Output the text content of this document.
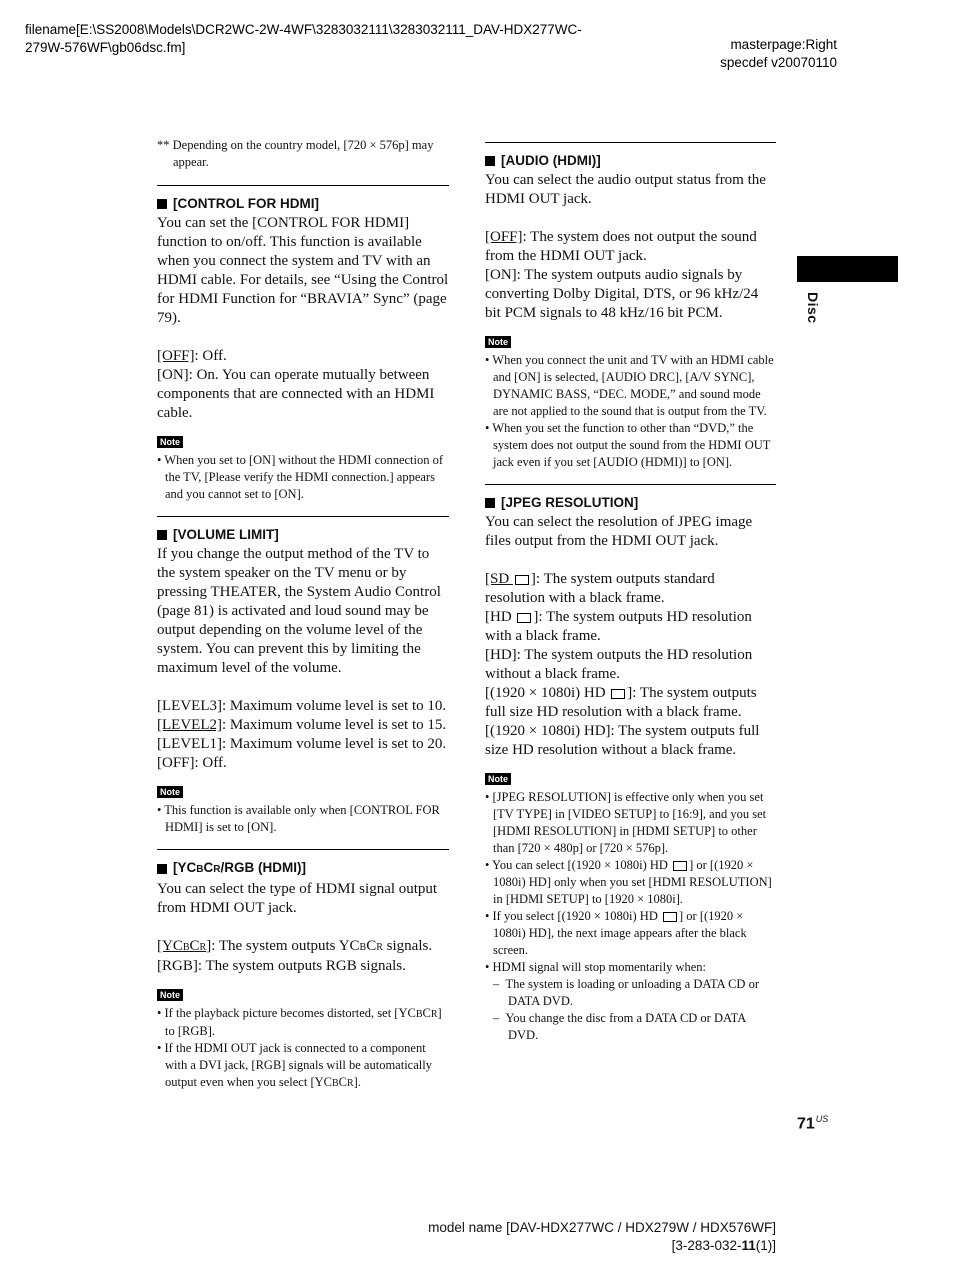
filename[E:\SS2008\Models\DCR2WC-2W-4WF\3283032111\3283032111_DAV-HDX277WC-
279W-576WF\gb06dsc.fm]	masterpage:Right
specdef v20070110
** Depending on the country model, [720 × 576p] may appear.
[CONTROL FOR HDMI]
You can set the [CONTROL FOR HDMI] function to on/off. This function is available when you connect the system and TV with an HDMI cable. For details, see “Using the Control for HDMI Function for “BRAVIA” Sync” (page 79).
[OFF]: Off.
[ON]: On. You can operate mutually between components that are connected with an HDMI cable.
Note
• When you set to [ON] without the HDMI connection of the TV, [Please verify the HDMI connection.] appears and you cannot set to [ON].
[VOLUME LIMIT]
If you change the output method of the TV to the system speaker on the TV menu or by pressing THEATER, the System Audio Control (page 81) is activated and loud sound may be output depending on the volume level of the system. You can prevent this by limiting the maximum level of the volume.
[LEVEL3]: Maximum volume level is set to 10.
[LEVEL2]: Maximum volume level is set to 15.
[LEVEL1]: Maximum volume level is set to 20.
[OFF]: Off.
Note
• This function is available only when [CONTROL FOR HDMI] is set to [ON].
[YCBCR/RGB (HDMI)]
You can select the type of HDMI signal output from HDMI OUT jack.
[YCBCR]: The system outputs YCBCR signals.
[RGB]: The system outputs RGB signals.
Note
• If the playback picture becomes distorted, set [YCBCR] to [RGB].
• If the HDMI OUT jack is connected to a component with a DVI jack, [RGB] signals will be automatically output even when you select [YCBCR].
[AUDIO (HDMI)]
You can select the audio output status from the HDMI OUT jack.
[OFF]: The system does not output the sound from the HDMI OUT jack.
[ON]: The system outputs audio signals by converting Dolby Digital, DTS, or 96 kHz/24 bit PCM signals to 48 kHz/16 bit PCM.
Note
• When you connect the unit and TV with an HDMI cable and [ON] is selected, [AUDIO DRC], [A/V SYNC], DYNAMIC BASS, “DEC. MODE,” and sound mode are not applied to the sound that is output from the TV.
• When you set the function to other than “DVD,” the system does not output the sound from the HDMI OUT jack even if you set [AUDIO (HDMI)] to [ON].
[JPEG RESOLUTION]
You can select the resolution of JPEG image files output from the HDMI OUT jack.
[SD ]: The system outputs standard resolution with a black frame.
[HD ]: The system outputs HD resolution with a black frame.
[HD]: The system outputs the HD resolution without a black frame.
[(1920 × 1080i) HD ]: The system outputs full size HD resolution with a black frame.
[(1920 × 1080i) HD]: The system outputs full size HD resolution without a black frame.
Note
• [JPEG RESOLUTION] is effective only when you set [TV TYPE] in [VIDEO SETUP] to [16:9], and you set [HDMI RESOLUTION] in [HDMI SETUP] to other than [720 × 480p] or [720 × 576p].
• You can select [(1920 × 1080i) HD ] or [(1920 × 1080i) HD] only when you set [HDMI RESOLUTION] in [HDMI SETUP] to [1920 × 1080i].
• If you select [(1920 × 1080i) HD ] or [(1920 × 1080i) HD], the next image appears after the black screen.
• HDMI signal will stop momentarily when:
–  The system is loading or unloading a DATA CD or DATA DVD.
–  You change the disc from a DATA CD or DATA DVD.
Disc
$71^{US}$
model name [DAV-HDX277WC / HDX279W / HDX576WF]
[3-283-032-11(1)]
